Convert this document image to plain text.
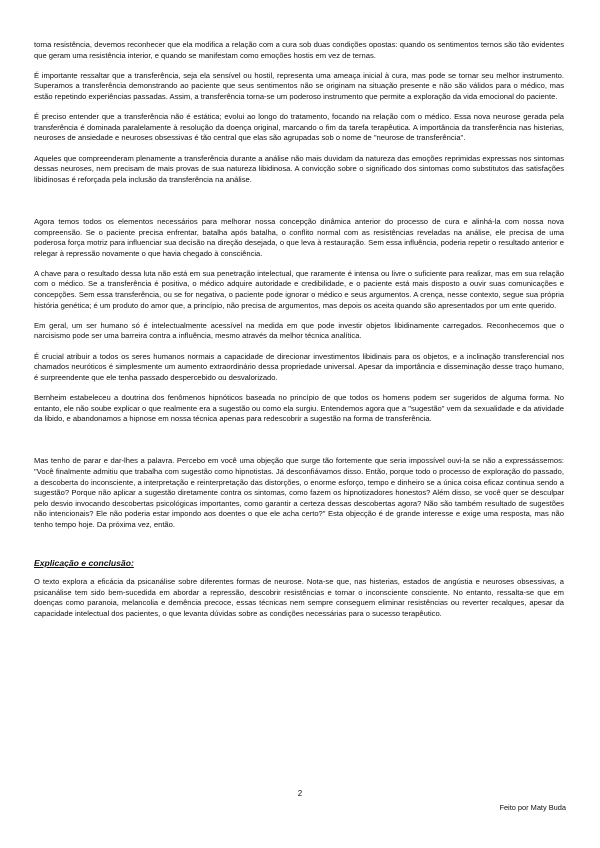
torna resistência, devemos reconhecer que ela modifica a relação com a cura sob duas condições opostas: quando os sentimentos ternos são tão evidentes que geram uma resistência interior, e quando se manifestam como emoções hostis em vez de ternas.

É importante ressaltar que a transferência, seja ela sensível ou hostil, representa uma ameaça inicial à cura, mas pode se tornar seu melhor instrumento. Superamos a transferência demonstrando ao paciente que seus sentimentos não se originam na situação presente e não são válidos para o médico, mas estão repetindo experiências passadas. Assim, a transferência torna-se um poderoso instrumento que permite a exploração da vida emocional do paciente.

É preciso entender que a transferência não é estática; evolui ao longo do tratamento, focando na relação com o médico. Essa nova neurose gerada pela transferência é dominada paralelamente à resolução da doença original, marcando o fim da tarefa terapêutica. A importância da transferência nas histerias, neuroses de ansiedade e neuroses obsessivas é tão central que elas são agrupadas sob o nome de "neurose de transferência".

Aqueles que compreenderam plenamente a transferência durante a análise não mais duvidam da natureza das emoções reprimidas expressas nos sintomas dessas neuroses, nem precisam de mais provas de sua natureza libidinosa. A convicção sobre o significado dos sintomas como substitutos das satisfações libidinosas é reforçada pela inclusão da transferência na análise.

Agora temos todos os elementos necessários para melhorar nossa concepção dinâmica anterior do processo de cura e alinhá-la com nossa nova compreensão. Se o paciente precisa enfrentar, batalha após batalha, o conflito normal com as resistências reveladas na análise, ele precisa de uma poderosa força motriz para influenciar sua decisão na direção desejada, o que leva à restauração. Sem essa influência, poderia repetir o resultado anterior e relegar à repressão novamente o que havia chegado à consciência.

A chave para o resultado dessa luta não está em sua penetração intelectual, que raramente é intensa ou livre o suficiente para realizar, mas em sua relação com o médico. Se a transferência é positiva, o médico adquire autoridade e credibilidade, e o paciente está mais disposto a ouvir suas comunicações e concepções. Sem essa transferência, ou se for negativa, o paciente pode ignorar o médico e seus argumentos. A crença, nesse contexto, segue sua própria história genética; é um produto do amor que, a princípio, não precisa de argumentos, mas depois os aceita quando são apresentados por um ente querido.

Em geral, um ser humano só é intelectualmente acessível na medida em que pode investir objetos libidinamente carregados. Reconhecemos que o narcisismo pode ser uma barreira contra a influência, mesmo através da melhor técnica analítica.

É crucial atribuir a todos os seres humanos normais a capacidade de direcionar investimentos libidinais para os objetos, e a inclinação transferencial nos chamados neuróticos é simplesmente um aumento extraordinário dessa propriedade universal. Apesar da importância e disseminação desse traço humano, é surpreendente que ele tenha passado despercebido ou desvalorizado.

Bernheim estabeleceu a doutrina dos fenômenos hipnóticos baseada no princípio de que todos os homens podem ser sugeridos de alguma forma. No entanto, ele não soube explicar o que realmente era a sugestão ou como ela surgiu. Entendemos agora que a "sugestão" vem da sexualidade e da atividade da libido, e abandonamos a hipnose em nossa técnica apenas para redescobrir a sugestão na forma de transferência.

Mas tenho de parar e dar-lhes a palavra. Percebo em você uma objeção que surge tão fortemente que seria impossível ouvi-la se não a expressássemos: "Você finalmente admitiu que trabalha com sugestão como hipnotistas. Já desconfiávamos disso. Então, porque todo o processo de exploração do passado, a descoberta do inconsciente, a interpretação e reinterpretação das distorções, o enorme esforço, tempo e dinheiro se a única coisa eficaz continua sendo a sugestão? Porque não aplicar a sugestão diretamente contra os sintomas, como fazem os hipnotizadores honestos? Além disso, se você quer se desculpar pelo desvio invocando descobertas psicológicas importantes, como garantir a certeza dessas descobertas agora? Não são também resultado de sugestões não intencionais? Ele não poderia estar impondo aos doentes o que ele acha certo?" Esta objecção é de grande interesse e exige uma resposta, mas não tenho tempo hoje. Da próxima vez, então.

Explicação e conclusão:

O texto explora a eficácia da psicanálise sobre diferentes formas de neurose. Nota-se que, nas histerias, estados de angústia e neuroses obsessivas, a psicanálise tem sido bem-sucedida em abordar a repressão, descobrir resistências e tornar o inconsciente consciente. No entanto, ressalta-se que em doenças como paranoia, melancolia e demência precoce, essas técnicas nem sempre conseguem eliminar resistências ou reverter recalques, apesar da capacidade intelectual dos pacientes, o que levanta dúvidas sobre as condições necessárias para o sucesso terapêutico.

2
Feito por Maty Buda
